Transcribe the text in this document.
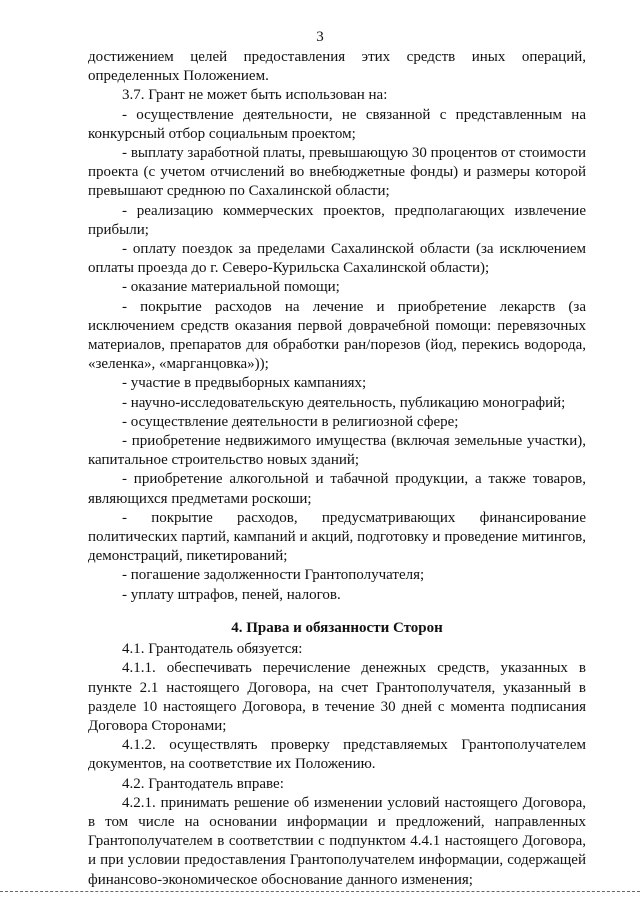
3

достижением целей предоставления этих средств иных операций, определенных Положением.

3.7. Грант не может быть использован на:

- осуществление деятельности, не связанной с представленным на конкурсный отбор социальным проектом;

- выплату заработной платы, превышающую 30 процентов от стоимости проекта (с учетом отчислений во внебюджетные фонды) и размеры которой превышают среднюю по Сахалинской области;

- реализацию коммерческих проектов, предполагающих извлечение прибыли;

- оплату поездок за пределами Сахалинской области (за исключением оплаты проезда до г. Северо-Курильска Сахалинской области);

- оказание материальной помощи;

- покрытие расходов на лечение и приобретение лекарств (за исключением средств оказания первой доврачебной помощи: перевязочных материалов, препаратов для обработки ран/порезов (йод, перекись водорода, «зеленка», «марганцовка»));

- участие в предвыборных кампаниях;

- научно-исследовательскую деятельность, публикацию монографий;

- осуществление деятельности в религиозной сфере;

- приобретение недвижимого имущества (включая земельные участки), капитальное строительство новых зданий;

- приобретение алкогольной и табачной продукции, а также товаров, являющихся предметами роскоши;

- покрытие расходов, предусматривающих финансирование политических партий, кампаний и акций, подготовку и проведение митингов, демонстраций, пикетирований;

- погашение задолженности Грантополучателя;

- уплату штрафов, пеней, налогов.

4. Права и обязанности Сторон

4.1. Грантодатель обязуется:

4.1.1. обеспечивать перечисление денежных средств, указанных в пункте 2.1 настоящего Договора, на счет Грантополучателя, указанный в разделе 10 настоящего Договора, в течение 30 дней с момента подписания Договора Сторонами;

4.1.2. осуществлять проверку представляемых Грантополучателем документов, на соответствие их Положению.

4.2. Грантодатель вправе:

4.2.1. принимать решение об изменении условий настоящего Договора, в том числе на основании информации и предложений, направленных Грантополучателем в соответствии с подпунктом 4.4.1 настоящего Договора, и при условии предоставления Грантополучателем информации, содержащей финансово-экономическое обоснование данного изменения;
